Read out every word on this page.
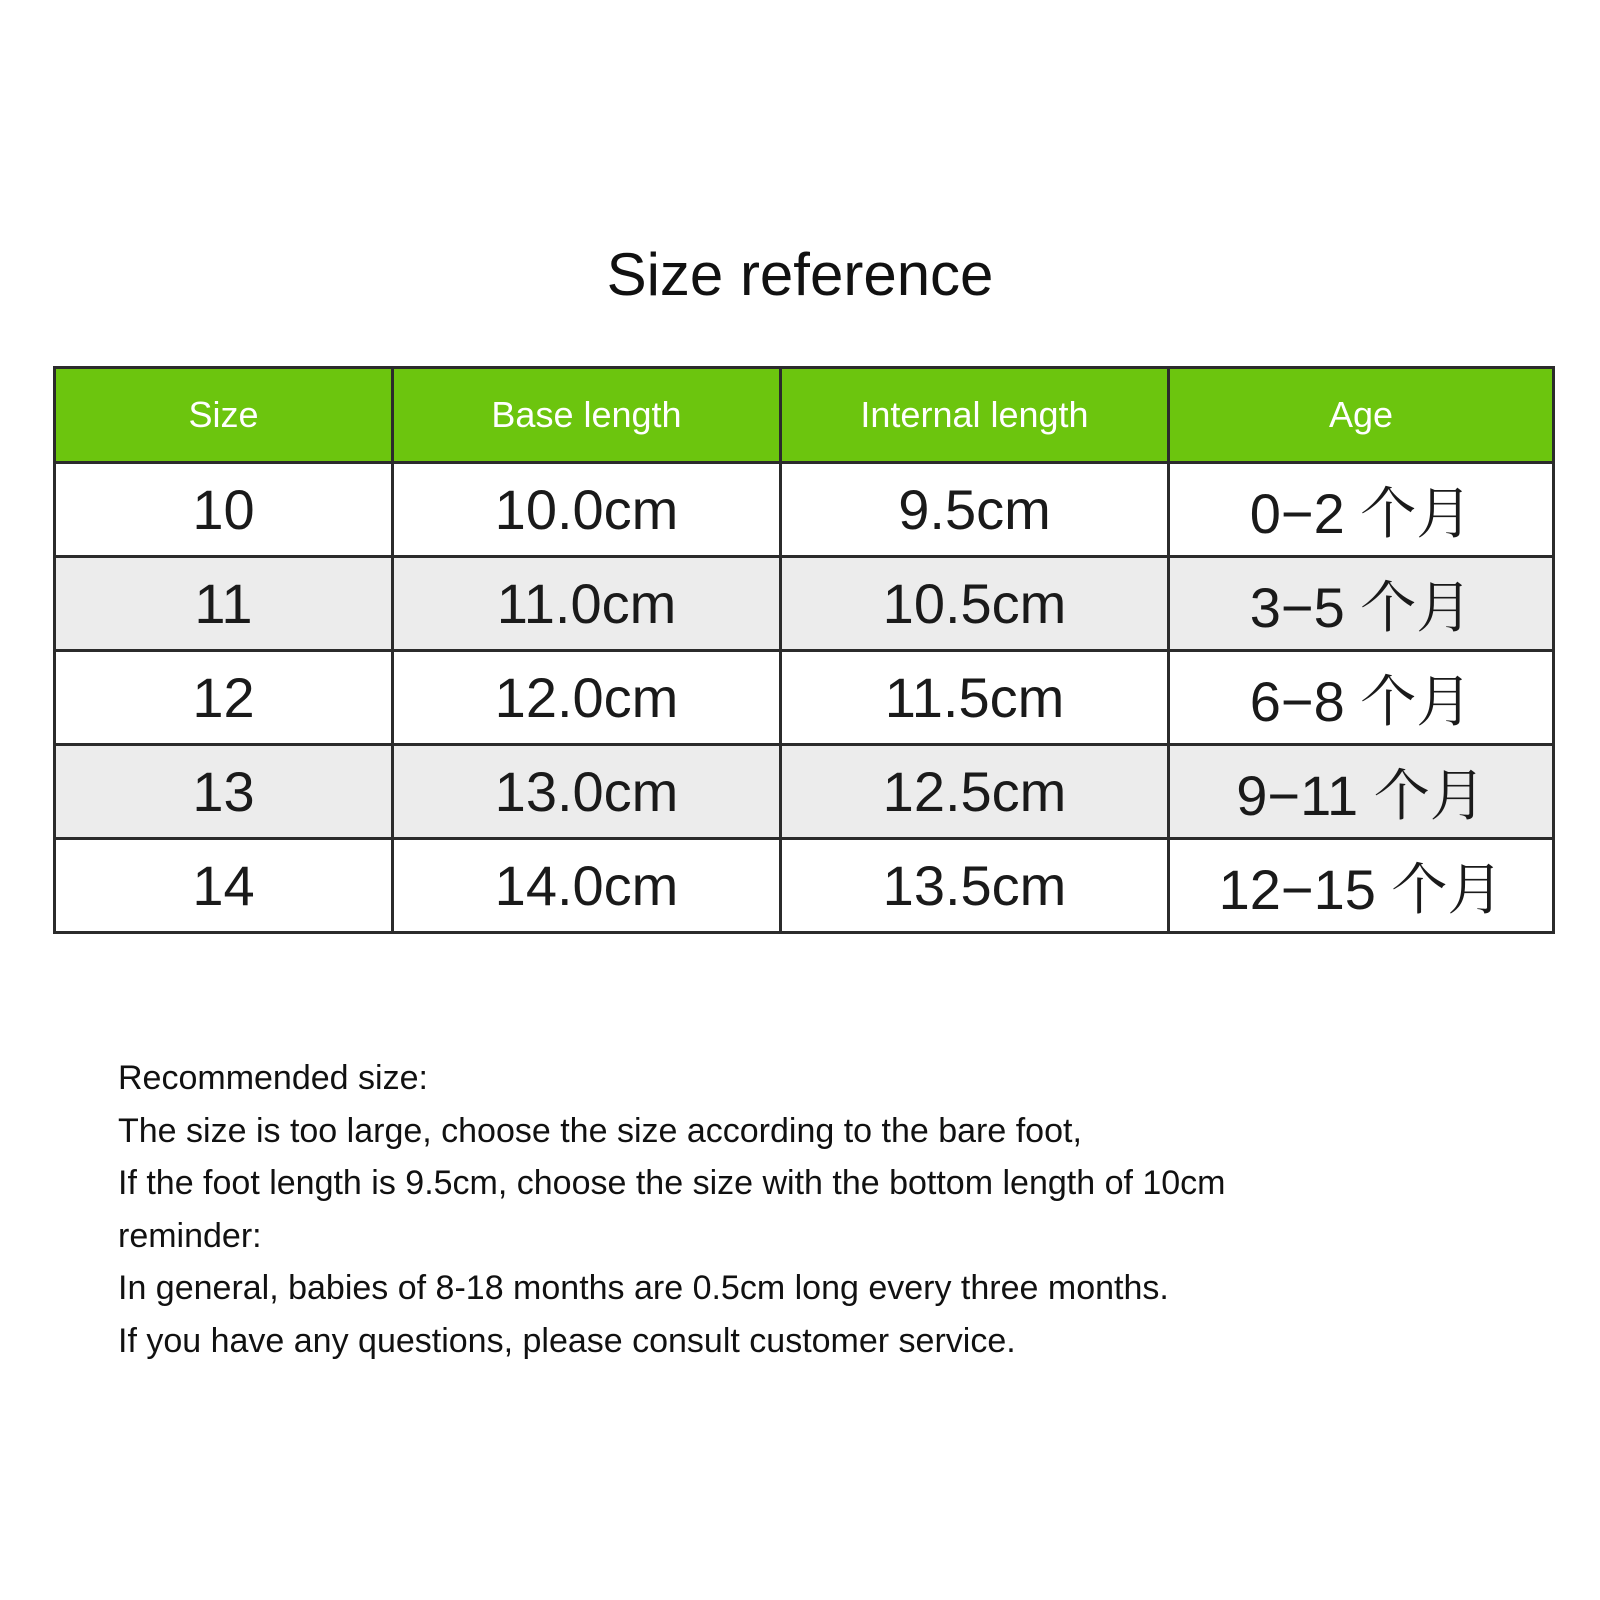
Size reference
Size	Base length	Internal length	Age
10	10.0cm	9.5cm	0−2 个月
11	11.0cm	10.5cm	3−5 个月
12	12.0cm	11.5cm	6−8 个月
13	13.0cm	12.5cm	9−11 个月
14	14.0cm	13.5cm	12−15 个月

Recommended size:

The size is too large, choose the size according to the bare foot,

If the foot length is 9.5cm, choose the size with the bottom length of 10cm

reminder:

In general, babies of 8-18 months are 0.5cm long every three months.

If you have any questions, please consult customer service.
